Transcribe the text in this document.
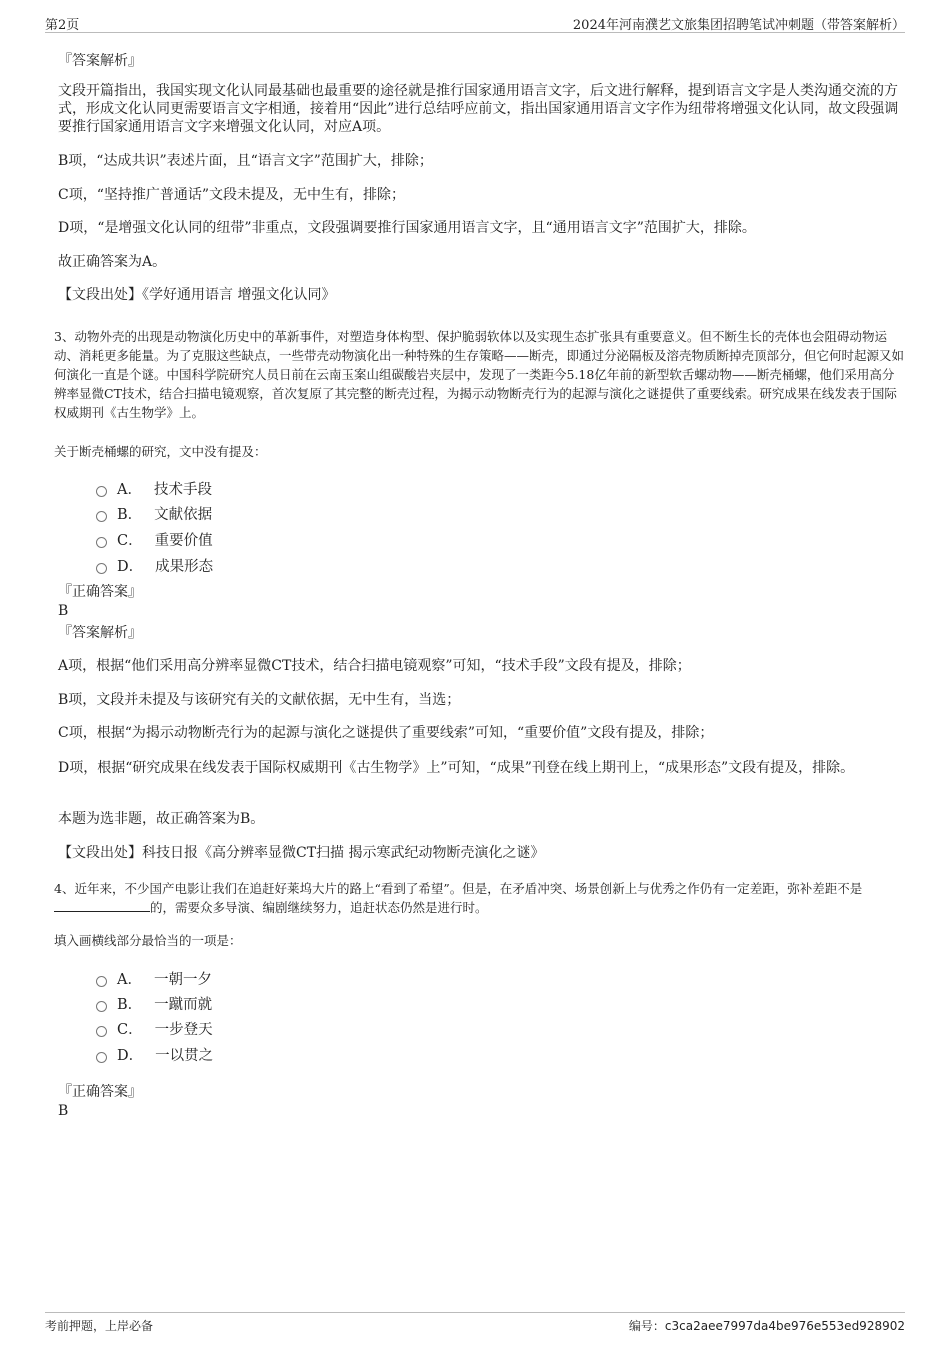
第2页	2024年河南濮艺文旅集团招聘笔试冲刺题（带答案解析）
『答案解析』
文段开篇指出，我国实现文化认同最基础也最重要的途径就是推行国家通用语言文字，后文进行解释，提到语言文字是人类沟通交流的方式，形成文化认同更需要语言文字相通，接着用“因此”进行总结呼应前文，指出国家通用语言文字作为纽带将增强文化认同，故文段强调要推行国家通用语言文字来增强文化认同，对应A项。
B项，“达成共识”表述片面，且“语言文字”范围扩大，排除；
C项，“坚持推广普通话”文段未提及，无中生有，排除；
D项，“是增强文化认同的纽带”非重点，文段强调要推行国家通用语言文字，且“通用语言文字”范围扩大，排除。
故正确答案为A。
【文段出处】《学好通用语言 增强文化认同》
3、动物外壳的出现是动物演化历史中的革新事件，对塑造身体构型、保护脆弱软体以及实现生态扩张具有重要意义。但不断生长的壳体也会阻碍动物运动、消耗更多能量。为了克服这些缺点，一些带壳动物演化出一种特殊的生存策略——断壳，即通过分泌隔板及溶壳物质断掉壳顶部分，但它何时起源又如何演化一直是个谜。中国科学院研究人员日前在云南玉案山组碳酸岩夹层中，发现了一类距今5.18亿年前的新型软舌螺动物——断壳桶螺，他们采用高分辨率显微CT技术，结合扫描电镜观察，首次复原了其完整的断壳过程，为揭示动物断壳行为的起源与演化之谜提供了重要线索。研究成果在线发表于国际权威期刊《古生物学》上。
关于断壳桶螺的研究，文中没有提及：
A． 技术手段
B． 文献依据
C． 重要价值
D． 成果形态
『正确答案』
B
『答案解析』
A项，根据“他们采用高分辨率显微CT技术，结合扫描电镜观察”可知，“技术手段”文段有提及，排除；
B项，文段并未提及与该研究有关的文献依据，无中生有，当选；
C项，根据“为揭示动物断壳行为的起源与演化之谜提供了重要线索”可知，“重要价值”文段有提及，排除；
D项，根据“研究成果在线发表于国际权威期刊《古生物学》上”可知，“成果”刊登在线上期刊上，“成果形态”文段有提及，排除。
本题为选非题，故正确答案为B。
【文段出处】科技日报《高分辨率显微CT扫描 揭示寒武纪动物断壳演化之谜》
4、近年来，不少国产电影让我们在追赶好莱坞大片的路上“看到了希望”。但是，在矛盾冲突、场景创新上与优秀之作仍有一定差距，弥补差距不是 的，需要众多导演、编剧继续努力，追赶状态仍然是进行时。
填入画横线部分最恰当的一项是：
A． 一朝一夕
B． 一蹴而就
C． 一步登天
D． 一以贯之
『正确答案』
B
考前押题，上岸必备	编号：c3ca2aee7997da4be976e553ed928902
